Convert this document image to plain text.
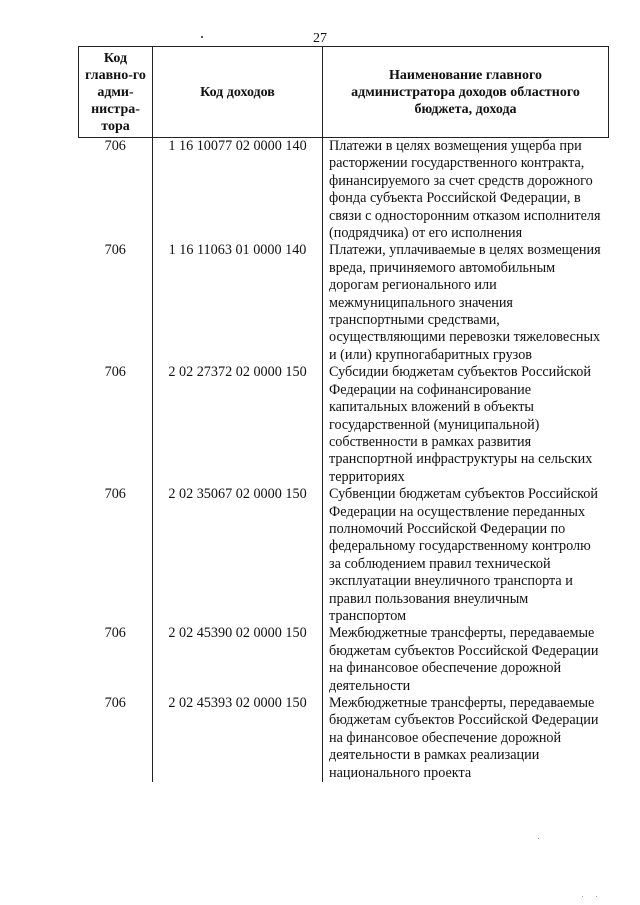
27
Код главно-го адми-нистра-тора	Код доходов	Наименование главного администратора доходов областного бюджета, дохода
706	1 16 10077 02 0000 140	Платежи в целях возмещения ущерба при расторжении государственного контракта, финансируемого за счет средств дорожного фонда субъекта Российской Федерации, в связи с односторонним отказом исполнителя (подрядчика) от его исполнения
706	1 16 11063 01 0000 140	Платежи, уплачиваемые в целях возмещения вреда, причиняемого автомобильным дорогам регионального или межмуниципального значения транспортными средствами, осуществляющими перевозки тяжеловесных и (или) крупногабаритных грузов
706	2 02 27372 02 0000 150	Субсидии бюджетам субъектов Российской Федерации на софинансирование капитальных вложений в объекты государственной (муниципальной) собственности в рамках развития транспортной инфраструктуры на сельских территориях
706	2 02 35067 02 0000 150	Субвенции бюджетам субъектов Российской Федерации на осуществление переданных полномочий Российской Федерации по федеральному государственному контролю за соблюдением правил технической эксплуатации внеуличного транспорта и правил пользования внеуличным транспортом
706	2 02 45390 02 0000 150	Межбюджетные трансферты, передаваемые бюджетам субъектов Российской Федерации на финансовое обеспечение дорожной деятельности
706	2 02 45393 02 0000 150	Межбюджетные трансферты, передаваемые бюджетам субъектов Российской Федерации на финансовое обеспечение дорожной деятельности в рамках реализации национального проекта
